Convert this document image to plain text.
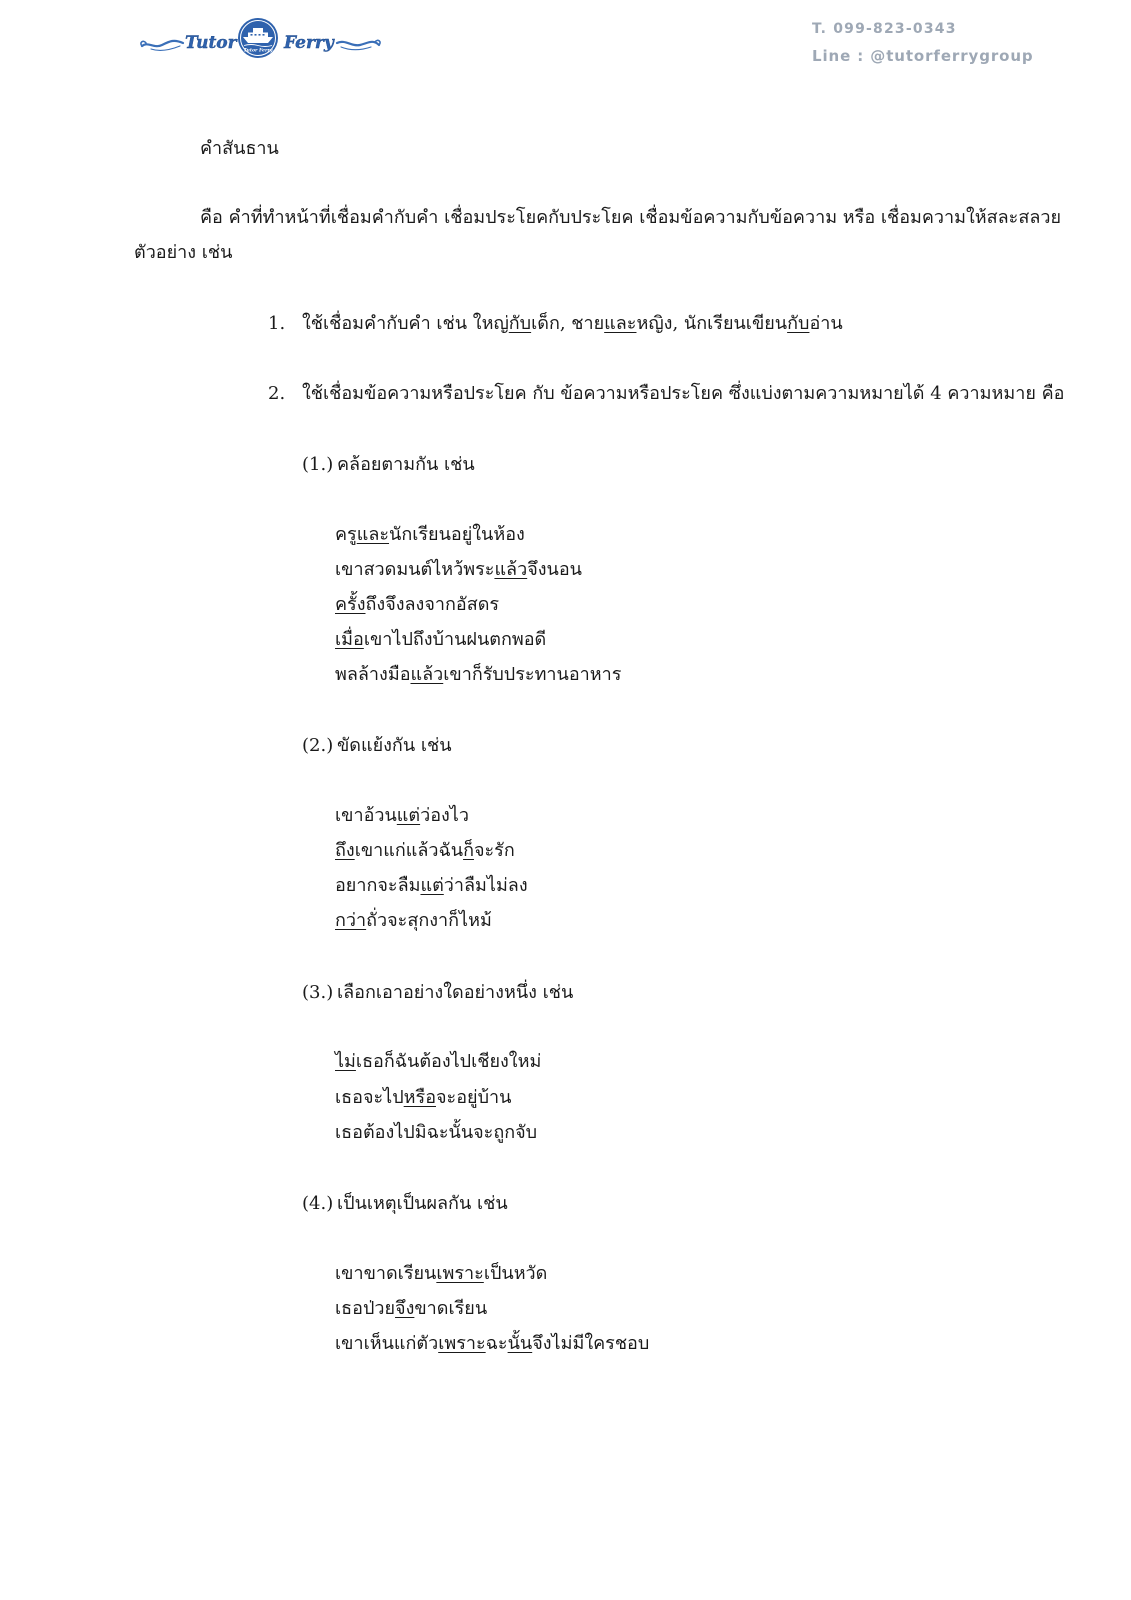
Tutor Tutor Ferry Ferry
T. 099-823-0343
Line : @tutorferrygroup
คำสันธาน
คือ คำที่ทำหน้าที่เชื่อมคำกับคำ เชื่อมประโยคกับประโยค เชื่อมข้อความกับข้อความ หรือ เชื่อมความให้สละสลวย
ตัวอย่าง เช่น
1. ใช้เชื่อมคำกับคำ เช่น ใหญ่กับเด็ก, ชายและหญิง, นักเรียนเขียนกับอ่าน
2. ใช้เชื่อมข้อความหรือประโยค กับ ข้อความหรือประโยค ซึ่งแบ่งตามความหมายได้ 4 ความหมาย คือ
(1.) คล้อยตามกัน เช่น
ครูและนักเรียนอยู่ในห้อง
เขาสวดมนต์ไหว้พระแล้วจึงนอน
ครั้งถึงจึงลงจากอัสดร
เมื่อเขาไปถึงบ้านฝนตกพอดี
พลล้างมือแล้วเขาก็รับประทานอาหาร
(2.) ขัดแย้งกัน เช่น
เขาอ้วนแต่ว่องไว
ถึงเขาแก่แล้วฉันก็จะรัก
อยากจะลืมแต่ว่าลืมไม่ลง
กว่าถั่วจะสุกงาก็ไหม้
(3.) เลือกเอาอย่างใดอย่างหนึ่ง เช่น
ไม่เธอก็ฉันต้องไปเชียงใหม่
เธอจะไปหรือจะอยู่บ้าน
เธอต้องไปมิฉะนั้นจะถูกจับ
(4.) เป็นเหตุเป็นผลกัน เช่น
เขาขาดเรียนเพราะเป็นหวัด
เธอป่วยจึงขาดเรียน
เขาเห็นแก่ตัวเพราะฉะนั้นจึงไม่มีใครชอบ
